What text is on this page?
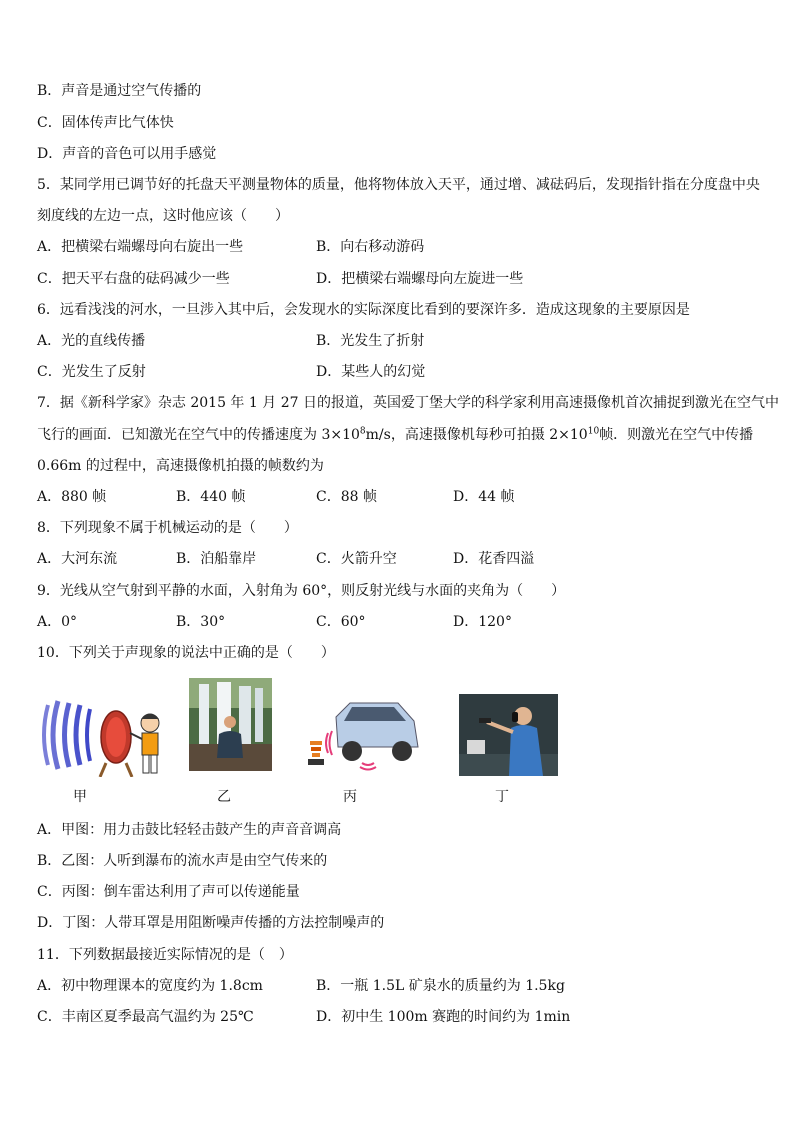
B．声音是通过空气传播的
C．固体传声比气体快
D．声音的音色可以用手感觉
5．某同学用已调节好的托盘天平测量物体的质量，他将物体放入天平，通过增、减砝码后，发现指针指在分度盘中央
刻度线的左边一点，这时他应该（　　）
A．把横梁右端螺母向右旋出一些	B．向右移动游码
C．把天平右盘的砝码减少一些	D．把横梁右端螺母向左旋进一些
6．远看浅浅的河水，一旦涉入其中后，会发现水的实际深度比看到的要深许多．造成这现象的主要原因是
A．光的直线传播	B．光发生了折射
C．光发生了反射	D．某些人的幻觉
7．据《新科学家》杂志 2015 年 1 月 27 日的报道，英国爱丁堡大学的科学家利用高速摄像机首次捕捉到激光在空气中
飞行的画面．已知激光在空气中的传播速度为 $3\times 10^8m/s$，高速摄像机每秒可拍摄 $2\times 10^{10}$帧．则激光在空气中传播
0.66m 的过程中，高速摄像机拍摄的帧数约为
A．880 帧	B．440 帧	C．88 帧	D．44 帧
8．下列现象不属于机械运动的是（　　）
A．大河东流	B．泊船靠岸	C．火箭升空	D．花香四溢
9．光线从空气射到平静的水面，入射角为 60°，则反射光线与水面的夹角为（　　）
A．0°	B．30°	C．60°	D．120°
10．下列关于声现象的说法中正确的是（　　）
甲	乙	丙	丁
A．甲图：用力击鼓比轻轻击鼓产生的声音音调高
B．乙图：人听到瀑布的流水声是由空气传来的
C．丙图：倒车雷达利用了声可以传递能量
D．丁图：人带耳罩是用阻断噪声传播的方法控制噪声的
11．下列数据最接近实际情况的是（　）
A．初中物理课本的宽度约为 1.8cm	B．一瓶 1.5L 矿泉水的质量约为 1.5kg
C．丰南区夏季最高气温约为 25℃	D．初中生 100m 赛跑的时间约为 1min
